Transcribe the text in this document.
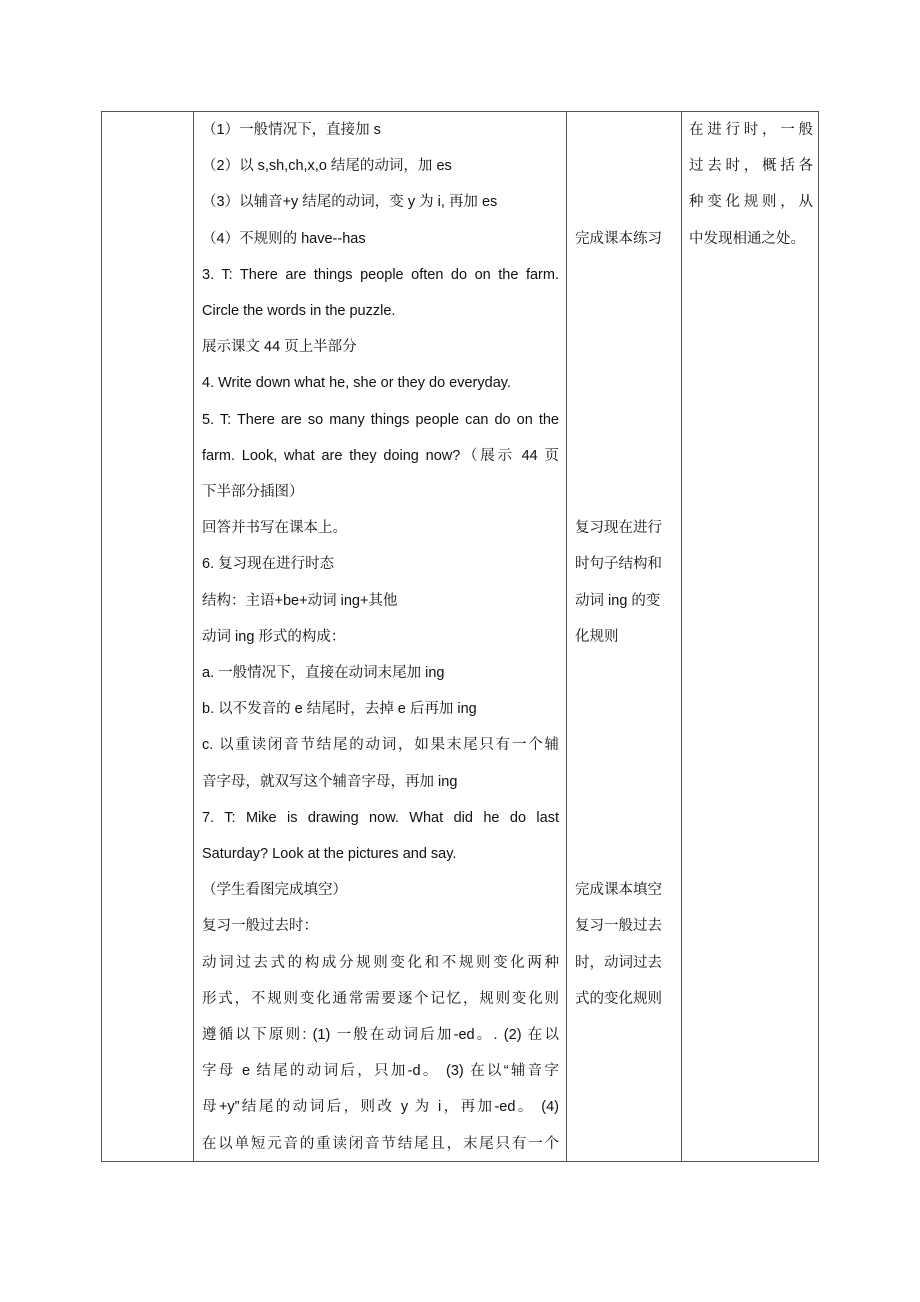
（1）一般情况下，直接加 s
（2）以 s,sh,ch,x,o 结尾的动词，加 es
（3）以辅音+y 结尾的动词，变 y 为 i, 再加 es
（4）不规则的 have--has
3. T: There are things people often do on the farm.
Circle the words in the puzzle.
展示课文 44 页上半部分
4. Write down what he, she or they do everyday.
5. T: There are so many things people can do on the
farm. Look, what are they doing now?（展示 44 页
下半部分插图）
回答并书写在课本上。
6. 复习现在进行时态
结构：主语+be+动词 ing+其他
动词 ing 形式的构成：
a. 一般情况下，直接在动词末尾加 ing
b. 以不发音的 e 结尾时，去掉 e 后再加 ing
c. 以重读闭音节结尾的动词，如果末尾只有一个辅
音字母，就双写这个辅音字母，再加 ing
7. T: Mike is drawing now. What did he do last
Saturday? Look at the pictures and say.
（学生看图完成填空）
复习一般过去时：
动词过去式的构成分规则变化和不规则变化两种
形式，不规则变化通常需要逐个记忆，规则变化则
遵循以下原则: (1) 一般在动词后加-ed。. (2) 在以
字母 e 结尾的动词后，只加-d。 (3) 在以“辅音字
母+y”结尾的动词后，则改 y 为 i，再加-ed。 (4)
在以单短元音的重读闭音节结尾且，末尾只有一个
完成课本练习
复习现在进行
时句子结构和
动词 ing 的变
化规则
完成课本填空
复习一般过去
时，动词过去
式的变化规则
在进行时，一般
过去时，概括各
种变化规则，从
中发现相通之处。
